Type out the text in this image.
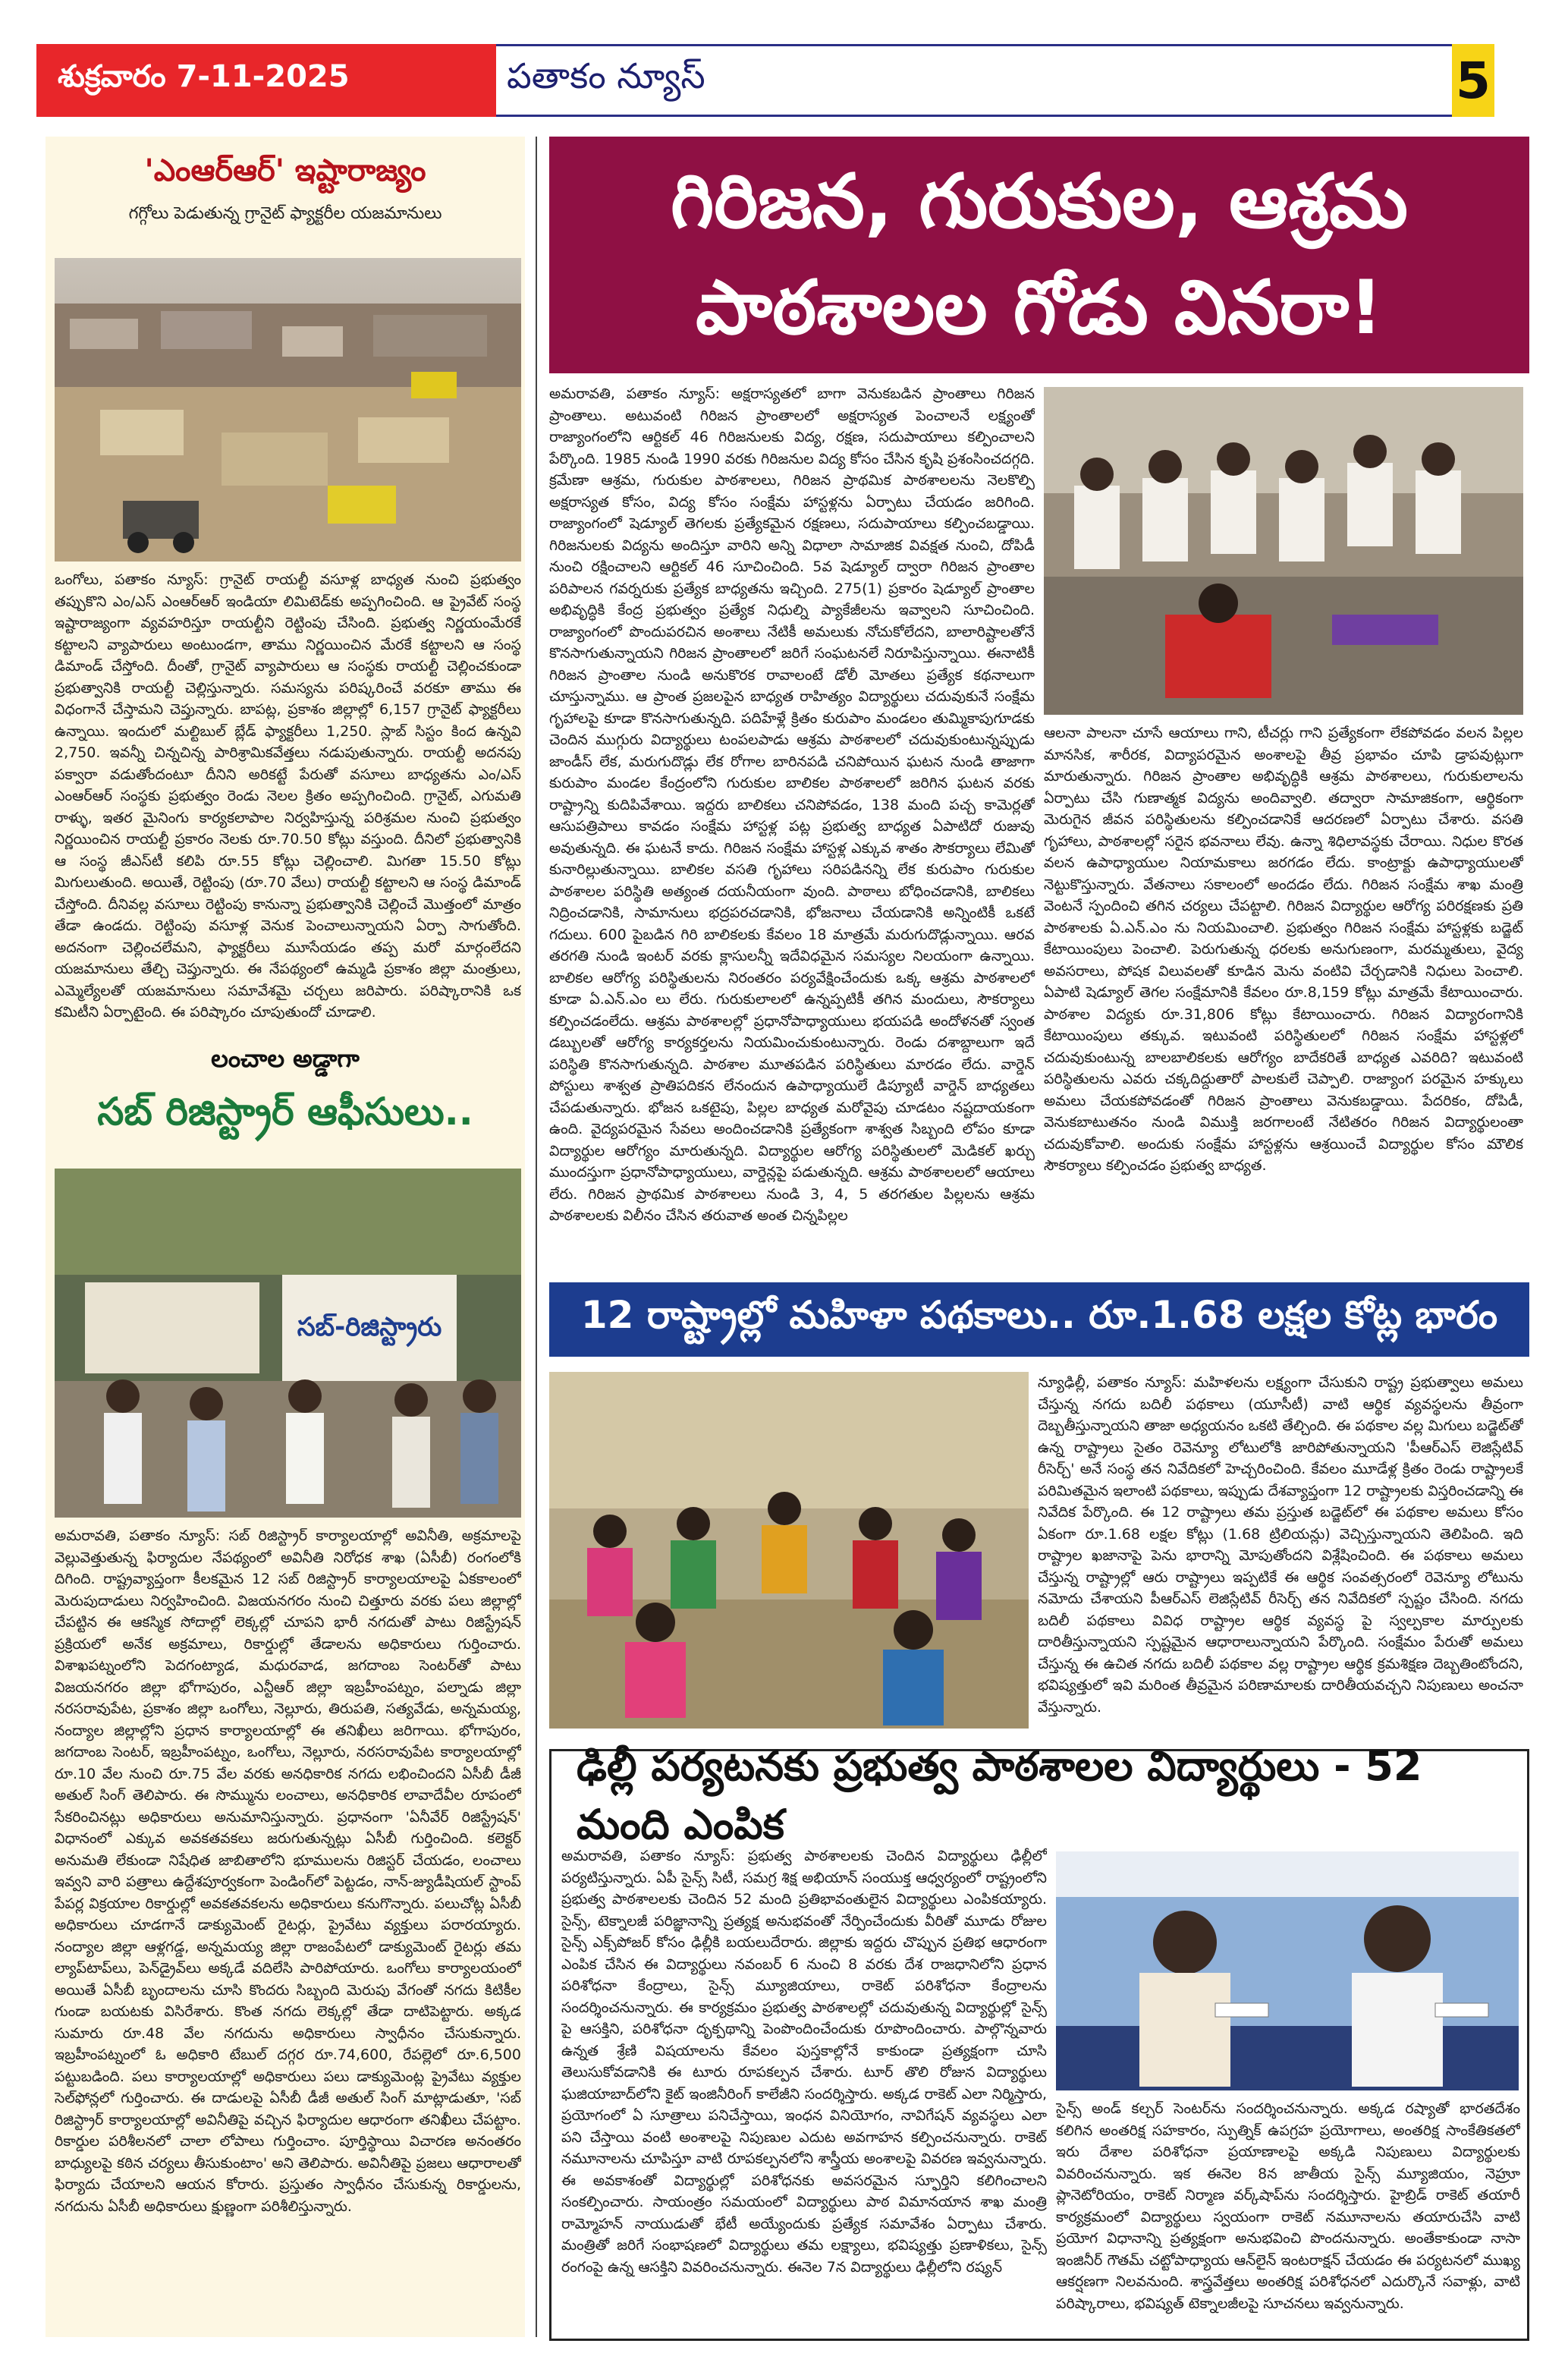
శుక్రవారం 7-11-2025	పతాకం న్యూస్	5
'ఎంఆర్ఆర్' ఇష్టారాజ్యం
గగ్గోలు పెడుతున్న గ్రానైట్ ఫ్యాక్టరీల యజమానులు
ఒంగోలు, పతాకం న్యూస్: గ్రానైట్ రాయల్టీ వసూళ్ల బాధ్యత నుంచి ప్రభుత్వం తప్పుకొని ఎం/ఎస్ ఎంఆర్ఆర్ ఇండియా లిమిటెడ్‌కు అప్పగించింది. ఆ ప్రైవేట్ సంస్థ ఇష్టారాజ్యంగా వ్యవహరిస్తూ రాయల్టీని రెట్టింపు చేసింది. ప్రభుత్వ నిర్ణయంమేరకే కట్టాలని వ్యాపారులు అంటుండగా, తాము నిర్ణయించిన మేరకే కట్టాలని ఆ సంస్థ డిమాండ్ చేస్తోంది. దీంతో, గ్రానైట్ వ్యాపారులు ఆ సంస్థకు రాయల్టీ చెల్లించకుండా ప్రభుత్వానికి రాయల్టీ చెల్లిస్తున్నారు. సమస్యను పరిష్కరించే వరకూ తాము ఈ విధంగానే చేస్తామని చెప్తున్నారు. బాపట్ల, ప్రకాశం జిల్లాల్లో 6,157 గ్రానైట్ ఫ్యాక్టరీలు ఉన్నాయి. ఇందులో మల్టిబుల్ బ్లేడ్ ఫ్యాక్టరీలు 1,250. స్లాబ్ సిస్టం కింద ఉన్నవి 2,750. ఇవన్నీ చిన్నచిన్న పారిశ్రామికవేత్తలు నడుపుతున్నారు. రాయల్టీ అదనపు పక్వారా వడుతోందంటూ దీనిని అరికట్టే పేరుతో వసూలు బాధ్యతను ఎం/ఎస్ ఎంఆర్ఆర్ సంస్థకు ప్రభుత్వం రెండు నెలల క్రితం అప్పగించింది. గ్రానైట్, ఎగుమతి రాళ్ళు, ఇతర మైనింగు కార్యకలాపాల నిర్వహిస్తున్న పరిశ్రమల నుంచి ప్రభుత్వం నిర్ణయించిన రాయల్టీ ప్రకారం నెలకు రూ.70.50 కోట్లు వస్తుంది. దీనిలో ప్రభుత్వానికి ఆ సంస్థ జీఎస్‌టీ కలిపి రూ.55 కోట్లు చెల్లించాలి. మిగతా 15.50 కోట్లు మిగులుతుంది. అయితే, రెట్టింపు (రూ.70 వేలు) రాయల్టీ కట్టాలని ఆ సంస్థ డిమాండ్ చేస్తోంది. దీనివల్ల వసూలు రెట్టింపు కానున్నా ప్రభుత్వానికి చెల్లించే మొత్తంలో మాత్రం తేడా ఉండదు. రెట్టింపు వసూళ్ల వెనుక పెంచాలున్నాయని ఏర్పా సాగుతోంది. అదనంగా చెల్లించలేమని, ఫ్యాక్టరీలు మూసేయడం తప్ప మరో మార్గంలేదని యజమానులు తేల్చి చెప్తున్నారు. ఈ నేపథ్యంలో ఉమ్మడి ప్రకాశం జిల్లా మంత్రులు, ఎమ్మెల్యేలతో యజమానులు సమావేశమై చర్చలు జరిపారు. పరిష్కారానికి ఒక కమిటీని ఏర్పాటైంది. ఈ పరిష్కారం చూపుతుందో చూడాలి.
లంచాల అడ్డాగా
సబ్ రిజిస్ట్రార్ ఆఫీసులు..
సబ్-రిజిస్ట్రారు
అమరావతి, పతాకం న్యూస్: సబ్ రిజిస్ట్రార్ కార్యాలయాల్లో అవినీతి, అక్రమాలపై వెల్లువెత్తుతున్న ఫిర్యాదుల నేపథ్యంలో అవినీతి నిరోధక శాఖ (ఏసీబీ) రంగంలోకి దిగింది. రాష్ట్రవ్యాప్తంగా కీలకమైన 12 సబ్ రిజిస్ట్రార్ కార్యాలయాలపై ఏకకాలంలో మెరుపుదాడులు నిర్వహించింది. విజయనగరం నుంచి చిత్తూరు వరకు పలు జిల్లాల్లో చేపట్టిన ఈ ఆకస్మిక సోదాల్లో లెక్కల్లో చూపని భారీ నగదుతో పాటు రిజిస్ట్రేషన్ ప్రక్రియలో అనేక అక్రమాలు, రికార్డుల్లో తేడాలను అధికారులు గుర్తించారు. విశాఖపట్నంలోని పెదగంట్యాడ, మధురవాడ, జగదాంబ సెంటర్‌తో పాటు విజయనగరం జిల్లా భోగాపురం, ఎన్టీఆర్ జిల్లా ఇబ్రహీంపట్నం, పల్నాడు జిల్లా నరసరావుపేట, ప్రకాశం జిల్లా ఒంగోలు, నెల్లూరు, తిరుపతి, సత్యవేడు, అన్నమయ్య, నంద్యాల జిల్లాల్లోని ప్రధాన కార్యాలయాల్లో ఈ తనిఖీలు జరిగాయి. భోగాపురం, జగదాంబ సెంటర్, ఇబ్రహీంపట్నం, ఒంగోలు, నెల్లూరు, నరసరావుపేట కార్యాలయాల్లో రూ.10 వేల నుంచి రూ.75 వేల వరకు అనధికారిక నగదు లభించిందని ఏసీబీ డీజీ అతుల్ సింగ్ తెలిపారు. ఈ సొమ్మును లంచాలు, అనధికారిక లావాదేవీల రూపంలో సేకరించినట్లు అధికారులు అనుమానిస్తున్నారు. ప్రధానంగా 'ఏనీవేర్ రిజిస్ట్రేషన్' విధానంలో ఎక్కువ అవకతవకలు జరుగుతున్నట్లు ఏసీబీ గుర్తించింది. కలెక్టర్ అనుమతి లేకుండా నిషేధిత జాబితాలోని భూములను రిజిస్టర్ చేయడం, లంచాలు ఇవ్వని వారి పత్రాలు ఉద్దేశపూర్వకంగా పెండింగ్‌లో పెట్టడం, నాన్-జ్యుడీషియల్ స్టాంప్ పేపర్ల విక్రయాల రికార్డుల్లో అవకతవకలను అధికారులు కనుగొన్నారు. పలుచోట్ల ఏసీబీ అధికారులు చూడగానే డాక్యుమెంట్ రైటర్లు, ప్రైవేటు వ్యక్తులు పరారయ్యారు. నంద్యాల జిల్లా ఆళ్లగడ్డ, అన్నమయ్య జిల్లా రాజంపేటలో డాక్యుమెంట్ రైటర్లు తమ ల్యాప్‌టాప్‌లు, పెన్‌డ్రైవ్‌లు అక్కడే వదిలేసి పారిపోయారు. ఒంగోలు కార్యాలయంలో అయితే ఏసీబీ బృందాలను చూసి కొందరు సిబ్బంది మెరుపు వేగంతో నగదు కిటికీల గుండా బయటకు విసిరేశారు. కొంత నగదు లెక్కల్లో తేడా దాటిపెట్టారు. అక్కడ సుమారు రూ.48 వేల నగదును అధికారులు స్వాధీనం చేసుకున్నారు. ఇబ్రహీంపట్నంలో ఓ అధికారి టేబుల్ దగ్గర రూ.74,600, రేపల్లెలో రూ.6,500 పట్టుబడింది. పలు కార్యాలయాల్లో అధికారులు పలు డాక్యుమెంట్ల ప్రైవేటు వ్యక్తుల సెల్‌ఫోన్లలో గుర్తించారు. ఈ దాడులపై ఏసీబీ డీజీ అతుల్ సింగ్ మాట్లాడుతూ, 'సబ్ రిజిస్ట్రార్ కార్యాలయాల్లో అవినీతిపై వచ్చిన ఫిర్యాదుల ఆధారంగా తనిఖీలు చేపట్టాం. రికార్డుల పరిశీలనలో చాలా లోపాలు గుర్తించాం. పూర్తిస్థాయి విచారణ అనంతరం బాధ్యులపై కఠిన చర్యలు తీసుకుంటాం' అని తెలిపారు. అవినీతిపై ప్రజలు ఆధారాలతో ఫిర్యాదు చేయాలని ఆయన కోరారు. ప్రస్తుతం స్వాధీనం చేసుకున్న రికార్డులను, నగదును ఏసీబీ అధికారులు క్షుణ్ణంగా పరిశీలిస్తున్నారు.
గిరిజన, గురుకుల, ఆశ్రమ
పాఠశాలల గోడు వినరా!
అమరావతి, పతాకం న్యూస్: అక్షరాస్యతలో బాగా వెనుకబడిన ప్రాంతాలు గిరిజన ప్రాంతాలు. అటువంటి గిరిజన ప్రాంతాలలో అక్షరాస్యత పెంచాలనే లక్ష్యంతో రాజ్యాంగంలోని ఆర్టికల్ 46 గిరిజనులకు విద్య, రక్షణ, సదుపాయాలు కల్పించాలని పేర్కొంది. 1985 నుండి 1990 వరకు గిరిజనుల విద్య కోసం చేసిన కృషి ప్రశంసించదగ్గది. క్రమేణా ఆశ్రమ, గురుకుల పాఠశాలలు, గిరిజన ప్రాథమిక పాఠశాలలను నెలకొల్పి అక్షరాస్యత కోసం, విద్య కోసం సంక్షేమ హాస్టళ్లను ఏర్పాటు చేయడం జరిగింది. రాజ్యాంగంలో షెడ్యూల్ తెగలకు ప్రత్యేకమైన రక్షణలు, సదుపాయాలు కల్పించబడ్డాయి. గిరిజనులకు విద్యను అందిస్తూ వారిని అన్ని విధాలా సామాజిక వివక్షత నుంచి, దోపిడీ నుంచి రక్షించాలని ఆర్టికల్ 46 సూచించింది. 5వ షెడ్యూల్ ద్వారా గిరిజన ప్రాంతాల పరిపాలన గవర్నరుకు ప్రత్యేక బాధ్యతను ఇచ్చింది. 275(1) ప్రకారం షెడ్యూల్ ప్రాంతాల అభివృద్ధికి కేంద్ర ప్రభుత్వం ప్రత్యేక నిధుల్ని ప్యాకేజీలను ఇవ్వాలని సూచించింది. రాజ్యాంగంలో పొందుపరచిన అంశాలు నేటికీ అమలుకు నోచుకోలేదని, బాలారిష్టాలతోనే కొనసాగుతున్నాయని గిరిజన ప్రాంతాలలో జరిగే సంఘటనలే నిరూపిస్తున్నాయి. ఈనాటికీ గిరిజన ప్రాంతాల నుండి అనుకొరక రావాలంటే డోలీ మోతలు ప్రత్యేక కథనాలుగా చూస్తున్నాము. ఆ ప్రాంత ప్రజలపైన బాధ్యత రాహిత్యం విద్యార్థులు చదువుకునే సంక్షేమ గృహాలపై కూడా కొనసాగుతున్నది. పదిహేళ్లే క్రితం కురుపాం మండలం తుమ్మికాపుగూడకు చెందిన ముగ్గురు విద్యార్థులు టంపలపాడు ఆశ్రమ పాఠశాలలో చదువుకుంటున్నప్పుడు జాండీస్ లేక, మరుగుదొడ్లు లేక రోగాల బారినపడి చనిపోయిన ఘటన నుండి తాజాగా కురుపాం మండల కేంద్రంలోని గురుకుల బాలికల పాఠశాలలో జరిగిన ఘటన వరకు రాష్ట్రాన్ని కుదిపివేశాయి. ఇద్దరు బాలికలు చనిపోవడం, 138 మంది పచ్చ కామెర్లతో ఆసుపత్రిపాలు కావడం సంక్షేమ హాస్టళ్ల పట్ల ప్రభుత్వ బాధ్యత ఏపాటిదో రుజువు అవుతున్నది. ఈ ఘటనే కాదు. గిరిజన సంక్షేమ హాస్టళ్ల ఎక్కువ శాతం సౌకర్యాలు లేమితో కునారిల్లుతున్నాయి. బాలికల వసతి గృహాలు సరిపడినన్ని లేక కురుపాం గురుకుల పాఠశాలల పరిస్థితి అత్యంత దయనీయంగా వుంది. పాఠాలు బోధించడానికి, బాలికలు నిద్రించడానికి, సామానులు భద్రపరచడానికి, భోజనాలు చేయడానికి అన్నింటికీ ఒకటే గదులు. 600 పైబడిన గిరి బాలికలకు కేవలం 18 మాత్రమే మరుగుదొడ్లున్నాయి. ఆరవ తరగతి నుండి ఇంటర్ వరకు క్లాసులన్నీ ఇదేవిధమైన సమస్యల నిలయంగా ఉన్నాయి. బాలికల ఆరోగ్య పరిస్థితులను నిరంతరం పర్యవేక్షించేందుకు ఒక్క ఆశ్రమ పాఠశాలలో కూడా ఏ.ఎన్.ఎం లు లేరు. గురుకులాలలో ఉన్నప్పటికీ తగిన మందులు, సౌకర్యాలు కల్పించడంలేదు. ఆశ్రమ పాఠశాలల్లో ప్రధానోపాధ్యాయులు భయపడి అందోళనతో స్వంత డబ్బులతో ఆరోగ్య కార్యకర్తలను నియమించుకుంటున్నారు. రెండు దశాబ్దాలుగా ఇదే పరిస్థితి కొనసాగుతున్నది. పాఠశాల మూతపడిన పరిస్థితులు మారడం లేదు. వార్డెన్ పోస్టులు శాశ్వత ప్రాతిపదికన లేనందున ఉపాధ్యాయులే డిప్యూటీ వార్డెన్ బాధ్యతలు చేపడుతున్నారు. భోజన ఒకటైపు, పిల్లల బాధ్యత మరోవైపు చూడటం నష్టదాయకంగా ఉంది. వైద్యపరమైన సేవలు అందించడానికి ప్రత్యేకంగా శాశ్వత సిబ్బంది లోపం కూడా విద్యార్థుల ఆరోగ్యం మారుతున్నది. విద్యార్థుల ఆరోగ్య పరిస్థితులలో మెడికల్ ఖర్చు ముందస్తుగా ప్రధానోపాధ్యాయులు, వార్డెన్లపై పడుతున్నది. ఆశ్రమ పాఠశాలలలో ఆయాలు లేరు. గిరిజన ప్రాథమిక పాఠశాలలు నుండి 3, 4, 5 తరగతుల పిల్లలను ఆశ్రమ పాఠశాలలకు విలీనం చేసిన తరువాత అంత చిన్నపిల్లల
ఆలనా పాలనా చూసే ఆయాలు గాని, టీచర్లు గాని ప్రత్యేకంగా లేకపోవడం వలన పిల్లల మానసిక, శారీరక, విద్యాపరమైన అంశాలపై తీవ్ర ప్రభావం చూపి డ్రాపవుట్లుగా మారుతున్నారు. గిరిజన ప్రాంతాల అభివృద్ధికి ఆశ్రమ పాఠశాలలు, గురుకులాలను ఏర్పాటు చేసి గుణాత్మక విద్యను అందివ్వాలి. తద్వారా సామాజికంగా, ఆర్థికంగా మెరుగైన జీవన పరిస్థితులను కల్పించడానికే ఆదరణలో ఏర్పాటు చేశారు. వసతి గృహాలు, పాఠశాలల్లో సరైన భవనాలు లేవు. ఉన్నా శిధిలావస్థకు చేరాయి. నిధుల కొరత వలన ఉపాధ్యాయుల నియామకాలు జరగడం లేదు. కాంట్రాక్టు ఉపాధ్యాయులతో నెట్టుకొస్తున్నారు. వేతనాలు సకాలంలో అందడం లేదు. గిరిజన సంక్షేమ శాఖ మంత్రి వెంటనే స్పందించి తగిన చర్యలు చేపట్టాలి. గిరిజన విద్యార్థుల ఆరోగ్య పరిరక్షణకు ప్రతి పాఠశాలకు ఏ.ఎన్.ఎం ను నియమించాలి. ప్రభుత్వం గిరిజన సంక్షేమ హాస్టళ్లకు బడ్జెట్ కేటాయింపులు పెంచాలి. పెరుగుతున్న ధరలకు అనుగుణంగా, మరమ్మతులు, వైద్య అవసరాలు, పోషక విలువలతో కూడిన మెను వంటివి చేర్చడానికి నిధులు పెంచాలి. ఏపాటి షెడ్యూల్ తెగల సంక్షేమానికి కేవలం రూ.8,159 కోట్లు మాత్రమే కేటాయించారు. పాఠశాల విద్యకు రూ.31,806 కోట్లు కేటాయించారు. గిరిజన విద్యారంగానికి కేటాయింపులు తక్కువ. ఇటువంటి పరిస్థితులలో గిరిజన సంక్షేమ హాస్టళ్లలో చదువుకుంటున్న బాలబాలికలకు ఆరోగ్యం బాదేకరితే బాధ్యత ఎవరిది? ఇటువంటి పరిస్థితులను ఎవరు చక్కదిద్దుతారో పాలకులే చెప్పాలి. రాజ్యాంగ పరమైన హక్కులు అమలు చేయకపోవడంతో గిరిజన ప్రాంతాలు వెనుకబడ్డాయి. పేదరికం, దోపిడీ, వెనుకబాటుతనం నుండి విముక్తి జరగాలంటే నేటితరం గిరిజన విద్యార్థులంతా చదువుకోవాలి. అందుకు సంక్షేమ హాస్టళ్లను ఆశ్రయించే విద్యార్థుల కోసం మౌలిక సౌకర్యాలు కల్పించడం ప్రభుత్వ బాధ్యత.
12 రాష్ట్రాల్లో మహిళా పథకాలు.. రూ.1.68 లక్షల కోట్ల భారం
న్యూఢిల్లీ, పతాకం న్యూస్: మహిళలను లక్ష్యంగా చేసుకుని రాష్ట్ర ప్రభుత్వాలు అమలు చేస్తున్న నగదు బదిలీ పథకాలు (యూసీటీ) వాటి ఆర్థిక వ్యవస్థలను తీవ్రంగా దెబ్బతీస్తున్నాయని తాజా అధ్యయనం ఒకటి తేల్చింది. ఈ పథకాల వల్ల మిగులు బడ్జెట్‌తో ఉన్న రాష్ట్రాలు సైతం రెవెన్యూ లోటులోకి జారిపోతున్నాయని 'పీఆర్ఎస్ లెజిస్లేటివ్ రీసెర్చ్' అనే సంస్థ తన నివేదికలో హెచ్చరించింది. కేవలం మూడేళ్ల క్రితం రెండు రాష్ట్రాలకే పరిమితమైన ఇలాంటి పథకాలు, ఇప్పుడు దేశవ్యాప్తంగా 12 రాష్ట్రాలకు విస్తరించడాన్ని ఈ నివేదిక పేర్కొంది. ఈ 12 రాష్ట్రాలు తమ ప్రస్తుత బడ్జెట్‌లో ఈ పథకాల అమలు కోసం ఏకంగా రూ.1.68 లక్షల కోట్లు (1.68 ట్రిలియన్లు) వెచ్చిస్తున్నాయని తెలిపింది. ఇది రాష్ట్రాల ఖజానాపై పెను భారాన్ని మోపుతోందని విశ్లేషించింది. ఈ పథకాలు అమలు చేస్తున్న రాష్ట్రాల్లో ఆరు రాష్ట్రాలు ఇప్పటికే ఈ ఆర్థిక సంవత్సరంలో రెవెన్యూ లోటును నమోదు చేశాయని పీఆర్ఎస్ లెజిస్లేటివ్ రీసెర్చ్ తన నివేదికలో స్పష్టం చేసింది. నగదు బదిలీ పథకాలు వివిధ రాష్ట్రాల ఆర్థిక వ్యవస్థ పై స్వల్పకాల మార్పులకు దారితీస్తున్నాయని స్పష్టమైన ఆధారాలున్నాయని పేర్కొంది. సంక్షేమం పేరుతో అమలు చేస్తున్న ఈ ఉచిత నగదు బదిలీ పథకాల వల్ల రాష్ట్రాల ఆర్థిక క్రమశిక్షణ దెబ్బతింటోందని, భవిష్యత్తులో ఇవి మరింత తీవ్రమైన పరిణామాలకు దారితీయవచ్చని నిపుణులు అంచనా వేస్తున్నారు.
ఢిల్లీ పర్యటనకు ప్రభుత్వ పాఠశాలల విద్యార్థులు - 52 మంది ఎంపిక
అమరావతి, పతాకం న్యూస్: ప్రభుత్వ పాఠశాలలకు చెందిన విద్యార్థులు ఢిల్లీలో పర్యటిస్తున్నారు. ఏపీ సైన్స్ సిటీ, సమగ్ర శిక్ష అభియాన్ సంయుక్త ఆధ్వర్యంలో రాష్ట్రంలోని ప్రభుత్వ పాఠశాలలకు చెందిన 52 మంది ప్రతిభావంతులైన విద్యార్థులు ఎంపికయ్యారు. సైన్స్, టెక్నాలజీ పరిజ్ఞానాన్ని ప్రత్యక్ష అనుభవంతో నేర్పించేందుకు వీరితో మూడు రోజుల సైన్స్ ఎక్స్‌పోజర్ కోసం ఢిల్లీకి బయలుదేరారు. జిల్లాకు ఇద్దరు చొప్పున ప్రతిభ ఆధారంగా ఎంపిక చేసిన ఈ విద్యార్థులు నవంబర్ 6 నుంచి 8 వరకు దేశ రాజధానిలోని ప్రధాన పరిశోధనా కేంద్రాలు, సైన్స్ మ్యూజియాలు, రాకెట్ పరిశోధనా కేంద్రాలను సందర్శించనున్నారు. ఈ కార్యక్రమం ప్రభుత్వ పాఠశాలల్లో చదువుతున్న విద్యార్థుల్లో సైన్స్ పై ఆసక్తిని, పరిశోధనా దృక్పథాన్ని పెంపొందించేందుకు రూపొందించారు. పాల్గొన్నవారు ఉన్నత శ్రేణి విషయాలను కేవలం పుస్తకాల్లోనే కాకుండా ప్రత్యక్షంగా చూసి తెలుసుకోవడానికి ఈ టూరు రూపకల్పన చేశారు. టూర్ తొలి రోజున విద్యార్థులు ఘజియాబాద్‌లోని కైట్ ఇంజినీరింగ్ కాలేజీని సందర్శిస్తారు. అక్కడ రాకెట్ ఎలా నిర్మిస్తారు, ప్రయోగంలో ఏ సూత్రాలు పనిచేస్తాయి, ఇంధన వినియోగం, నావిగేషన్ వ్యవస్థలు ఎలా పని చేస్తాయి వంటి అంశాలపై నిపుణుల ఎదుట అవగాహన కల్పించనున్నారు. రాకెట్ నమూనాలను చూపిస్తూ వాటి రూపకల్పనలోని శాస్త్రీయ అంశాలపై వివరణ ఇవ్వనున్నారు. ఈ అవకాశంతో విద్యార్థుల్లో పరిశోధనకు అవసరమైన స్ఫూర్తిని కలిగించాలని సంకల్పించారు. సాయంత్రం సమయంలో విద్యార్థులు పాఠ విమానయాన శాఖ మంత్రి రామ్మోహన్ నాయుడుతో భేటీ అయ్యేందుకు ప్రత్యేక సమావేశం ఏర్పాటు చేశారు. మంత్రితో జరిగే సంభాషణలో విద్యార్థులు తమ లక్ష్యాలు, భవిష్యత్తు ప్రణాళికలు, సైన్స్ రంగంపై ఉన్న ఆసక్తిని వివరించనున్నారు. ఈనెల 7న విద్యార్థులు ఢిల్లీలోని రష్యన్
సైన్స్ అండ్ కల్చర్ సెంటర్‌ను సందర్శించనున్నారు. అక్కడ రష్యాతో భారతదేశం కలిగిన అంతరిక్ష సహకారం, స్పుత్నిక్ ఉపగ్రహ ప్రయోగాలు, అంతరిక్ష సాంకేతికతలో ఇరు దేశాల పరిశోధనా ప్రయాణాలపై అక్కడి నిపుణులు విద్యార్థులకు వివరించనున్నారు. ఇక ఈనెల 8న జాతీయ సైన్స్ మ్యూజియం, నెహ్రూ ప్లానెటోరియం, రాకెట్ నిర్మాణ వర్క్‌షాప్‌ను సందర్శిస్తారు. హైబ్రిడ్ రాకెట్ తయారీ కార్యక్రమంలో విద్యార్థులు స్వయంగా రాకెట్ నమూనాలను తయారుచేసి వాటి ప్రయోగ విధానాన్ని ప్రత్యక్షంగా అనుభవించి పొందనున్నారు. అంతేకాకుండా నాసా ఇంజినీర్ గౌతమ్ చట్టోపాధ్యాయ ఆన్‌లైన్ ఇంటరాక్షన్ చేయడం ఈ పర్యటనలో ముఖ్య ఆకర్షణగా నిలవనుంది. శాస్త్రవేత్తలు అంతరిక్ష పరిశోధనలో ఎదుర్కొనే సవాళ్లు, వాటి పరిష్కారాలు, భవిష్యత్ టెక్నాలజీలపై సూచనలు ఇవ్వనున్నారు.
